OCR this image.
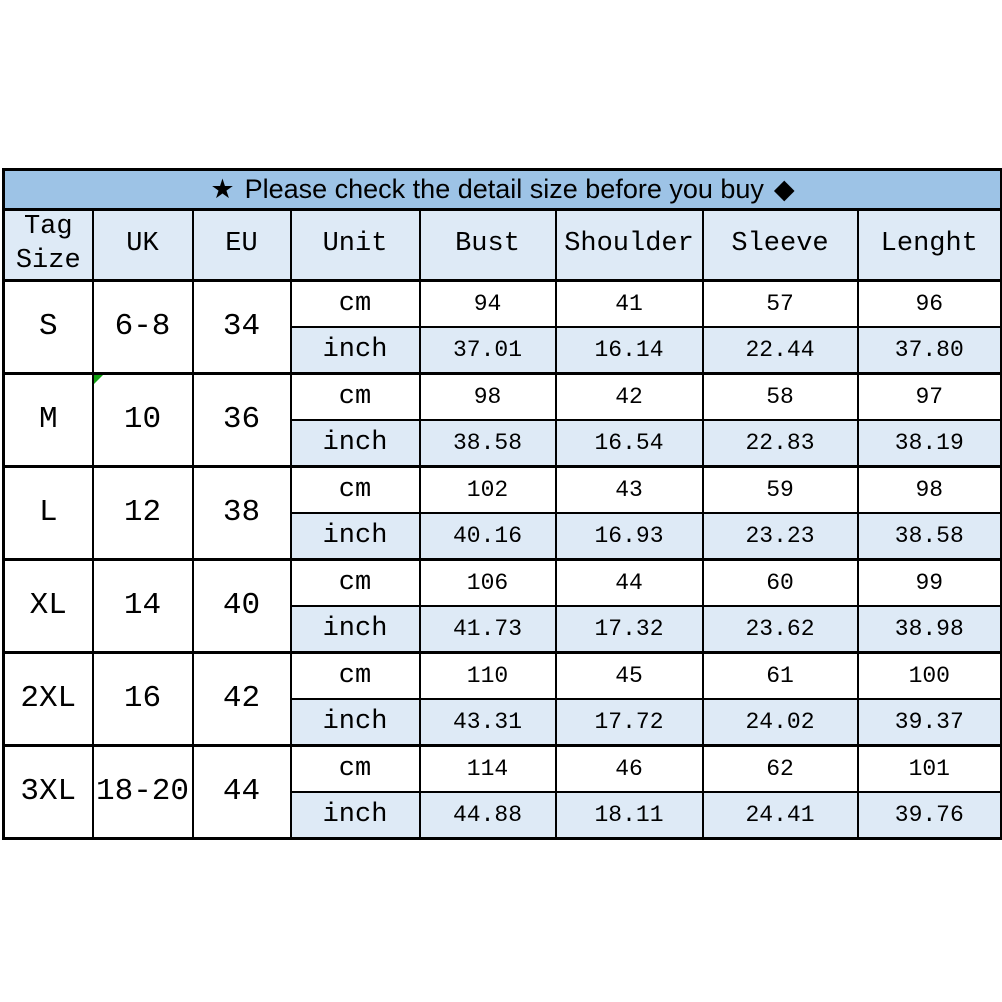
★ Please check the detail size before you buy ◆							
Tag Size	UK	EU	Unit	Bust	Shoulder	Sleeve	Lenght
S	6-8	34	cm	94	41	57	96
			inch	37.01	16.14	22.44	37.80
M	10	36	cm	98	42	58	97
			inch	38.58	16.54	22.83	38.19
L	12	38	cm	102	43	59	98
			inch	40.16	16.93	23.23	38.58
XL	14	40	cm	106	44	60	99
			inch	41.73	17.32	23.62	38.98
2XL	16	42	cm	110	45	61	100
			inch	43.31	17.72	24.02	39.37
3XL	18-20	44	cm	114	46	62	101
			inch	44.88	18.11	24.41	39.76
